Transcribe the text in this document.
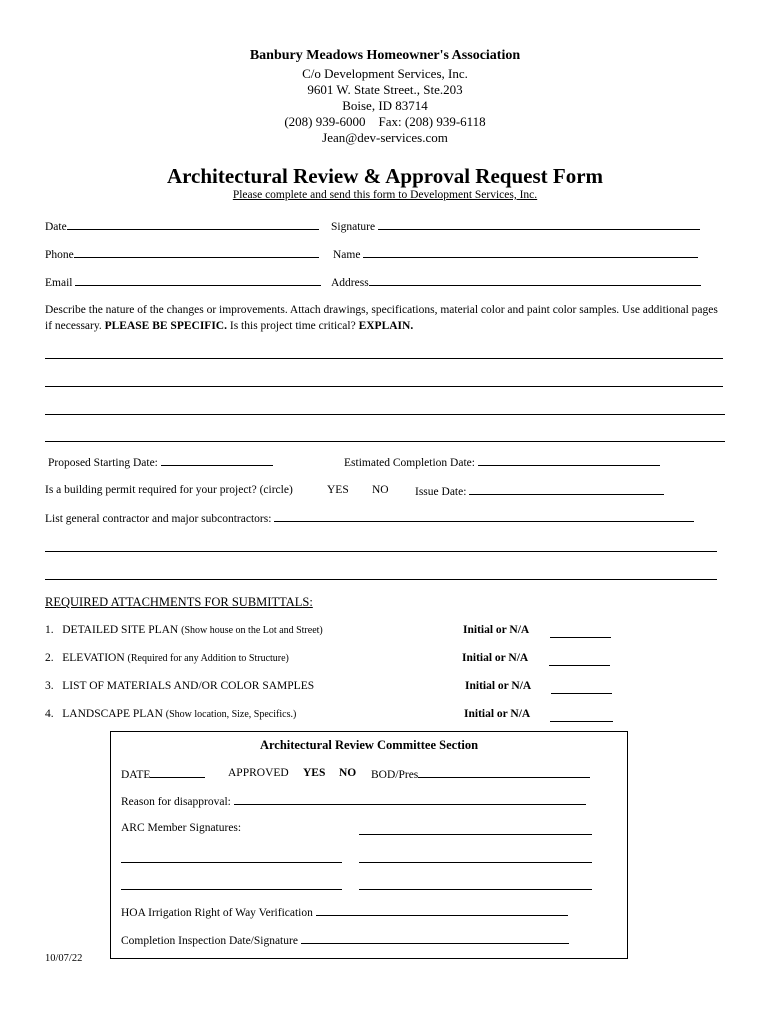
Banbury Meadows Homeowner's Association
C/o Development Services, Inc.
9601 W. State Street., Ste.203
Boise, ID 83714
(208) 939-6000    Fax: (208) 939-6118
Jean@dev-services.com
Architectural Review & Approval Request Form
Please complete and send this form to Development Services, Inc.
Date	Signature
Phone	Name
Email	Address
Describe the nature of the changes or improvements. Attach drawings, specifications, material color and paint color samples. Use additional pages if necessary. PLEASE BE SPECIFIC. Is this project time critical? EXPLAIN.
Proposed Starting Date:	Estimated Completion Date:
Is a building permit required for your project? (circle)	YES NO Issue Date:
List general contractor and major subcontractors:
REQUIRED ATTACHMENTS FOR SUBMITTALS:
1. DETAILED SITE PLAN (Show house on the Lot and Street)	Initial or N/A
2. ELEVATION (Required for any Addition to Structure)	Initial or N/A
3. LIST OF MATERIALS AND/OR COLOR SAMPLES	Initial or N/A
4. LANDSCAPE PLAN (Show location, Size, Specifics.)	Initial or N/A
Architectural Review Committee Section
DATE	APPROVED YES NO BOD/Pres
Reason for disapproval:
ARC Member Signatures:
HOA Irrigation Right of Way Verification
Completion Inspection Date/Signature
10/07/22
